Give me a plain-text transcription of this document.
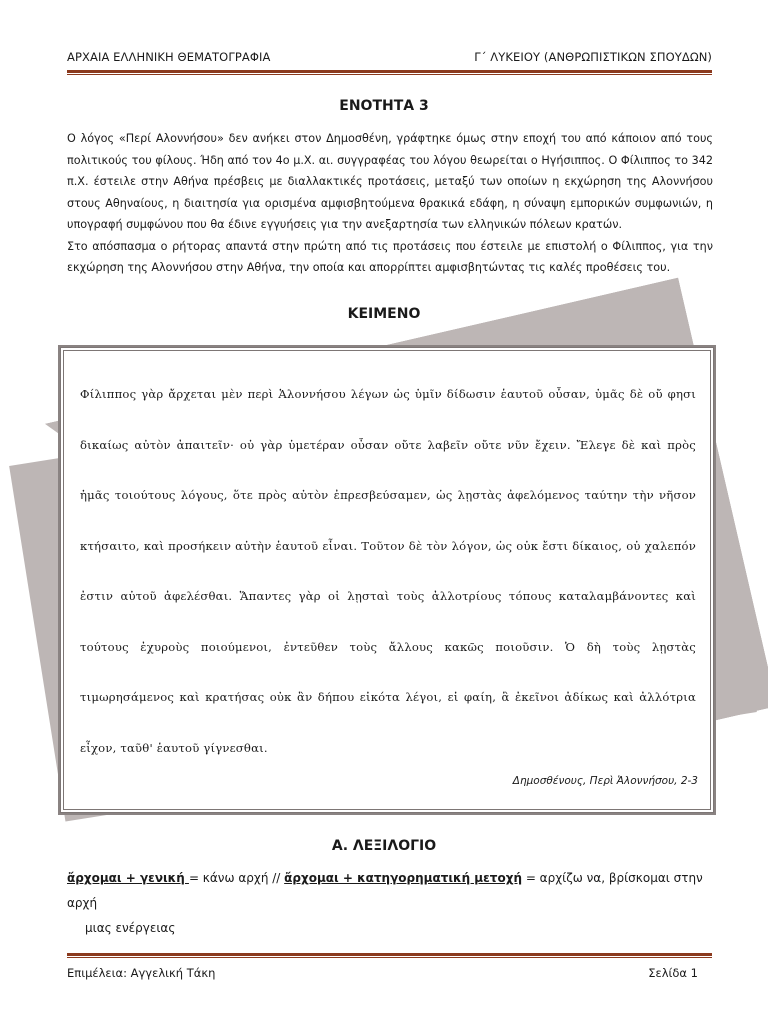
ΑΡΧΑΙΑ ΕΛΛΗΝΙΚΗ ΘΕΜΑΤΟΓΡΑΦΙΑ	Γ΄ ΛΥΚΕΙΟΥ (ΑΝΘΡΩΠΙΣΤΙΚΩΝ ΣΠΟΥΔΩΝ)
ΕΝΟΤΗΤΑ 3

Ο λόγος «Περί Αλοννήσου» δεν ανήκει στον Δημοσθένη, γράφτηκε όμως στην εποχή του από κάποιον από τους πολιτικούς του φίλους. Ήδη από τον 4ο μ.Χ. αι. συγγραφέας του λόγου θεωρείται ο Ηγήσιππος. Ο Φίλιππος το 342 π.Χ. έστειλε στην Αθήνα πρέσβεις με διαλλακτικές προτάσεις, μεταξύ των οποίων η εκχώρηση της Αλοννήσου στους Αθηναίους, η διαιτησία για ορισμένα αμφισβητούμενα θρακικά εδάφη, η σύναψη εμπορικών συμφωνιών, η υπογραφή συμφώνου που θα έδινε εγγυήσεις για την ανεξαρτησία των ελληνικών πόλεων κρατών.

Στο απόσπασμα ο ρήτορας απαντά στην πρώτη από τις προτάσεις που έστειλε με επιστολή ο Φίλιππος, για την εκχώρηση της Αλοννήσου στην Αθήνα, την οποία και απορρίπτει αμφισβητώντας τις καλές προθέσεις του.

ΚΕΙΜΕΝΟ
Φίλιππος γὰρ ἄρχεται μὲν περὶ Ἁλοννήσου λέγων ὡς ὑμῖν δίδωσιν ἑαυτοῦ οὖσαν, ὑμᾶς δὲ οὔ φησι δικαίως αὐτὸν ἀπαιτεῖν· οὐ γὰρ ὑμετέραν οὖσαν οὔτε λαβεῖν οὔτε νῦν ἔχειν. Ἔλεγε δὲ καὶ πρὸς ἡμᾶς τοιούτους λόγους, ὅτε πρὸς αὐτὸν ἐπρεσβεύσαμεν, ὡς λῃστὰς ἀφελόμενος ταύτην τὴν νῆσον κτήσαιτο, καὶ προσήκειν αὐτὴν ἑαυτοῦ εἶναι. Τοῦτον δὲ τὸν λόγον, ὡς οὐκ ἔστι δίκαιος, οὐ χαλεπόν ἐστιν αὐτοῦ ἀφελέσθαι. Ἅπαντες γὰρ οἱ λῃσταὶ τοὺς ἀλλοτρίους τόπους καταλαμβάνοντες καὶ τούτους ἐχυροὺς ποιούμενοι, ἐντεῦθεν τοὺς ἄλλους κακῶς ποιοῦσιν. Ὁ δὴ τοὺς λῃστὰς τιμωρησάμενος καὶ κρατήσας οὐκ ἂν δήπου εἰκότα λέγοι, εἰ φαίη, ἃ ἐκεῖνοι ἀδίκως καὶ ἀλλότρια εἶχον, ταῦθ' ἑαυτοῦ γίγνεσθαι.
Δημοσθένους, Περὶ Ἁλοννήσου, 2-3
Α. ΛΕΞΙΛΟΓΙΟ
ἄρχομαι + γενική = κάνω αρχή // ἄρχομαι + κατηγορηματική μετοχή = αρχίζω να, βρίσκομαι στην αρχή
μιας ενέργειας
Επιμέλεια: Αγγελική Τάκη	Σελίδα 1
